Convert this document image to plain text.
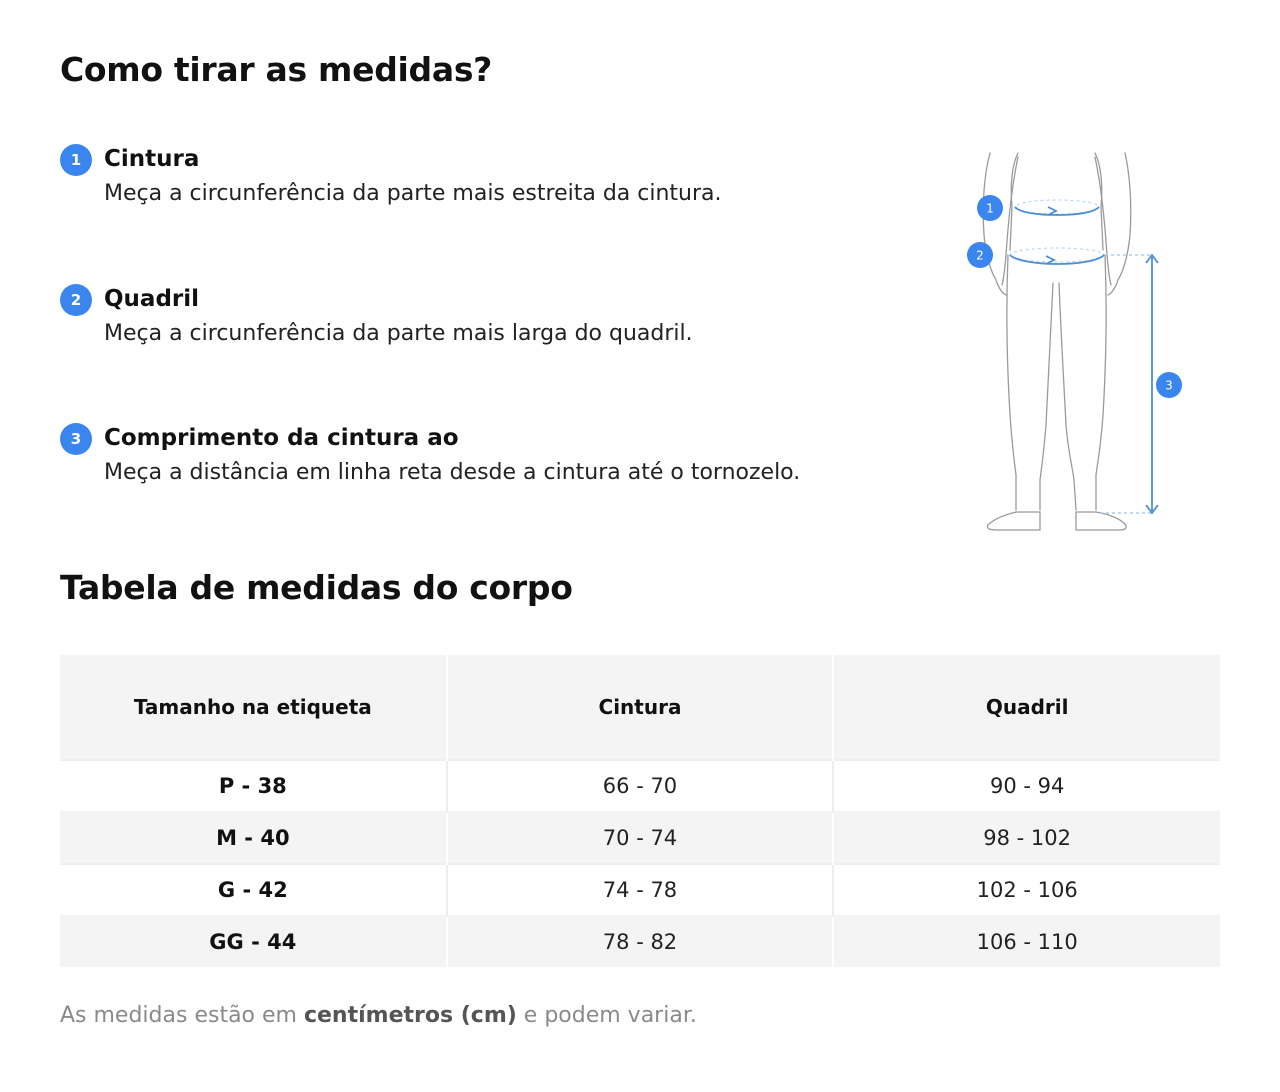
Como tirar as medidas?
1 Cintura
Meça a circunferência da parte mais estreita da cintura.
2 Quadril
Meça a circunferência da parte mais larga do quadril.
3 Comprimento da cintura ao
Meça a distância em linha reta desde a cintura até o tornozelo.
1
2
3
Tabela de medidas do corpo
Tamanho na etiqueta	Cintura	Quadril
P - 38	66 - 70	90 - 94
M - 40	70 - 74	98 - 102
G - 42	74 - 78	102 - 106
GG - 44	78 - 82	106 - 110

As medidas estão em centímetros (cm) e podem variar.
